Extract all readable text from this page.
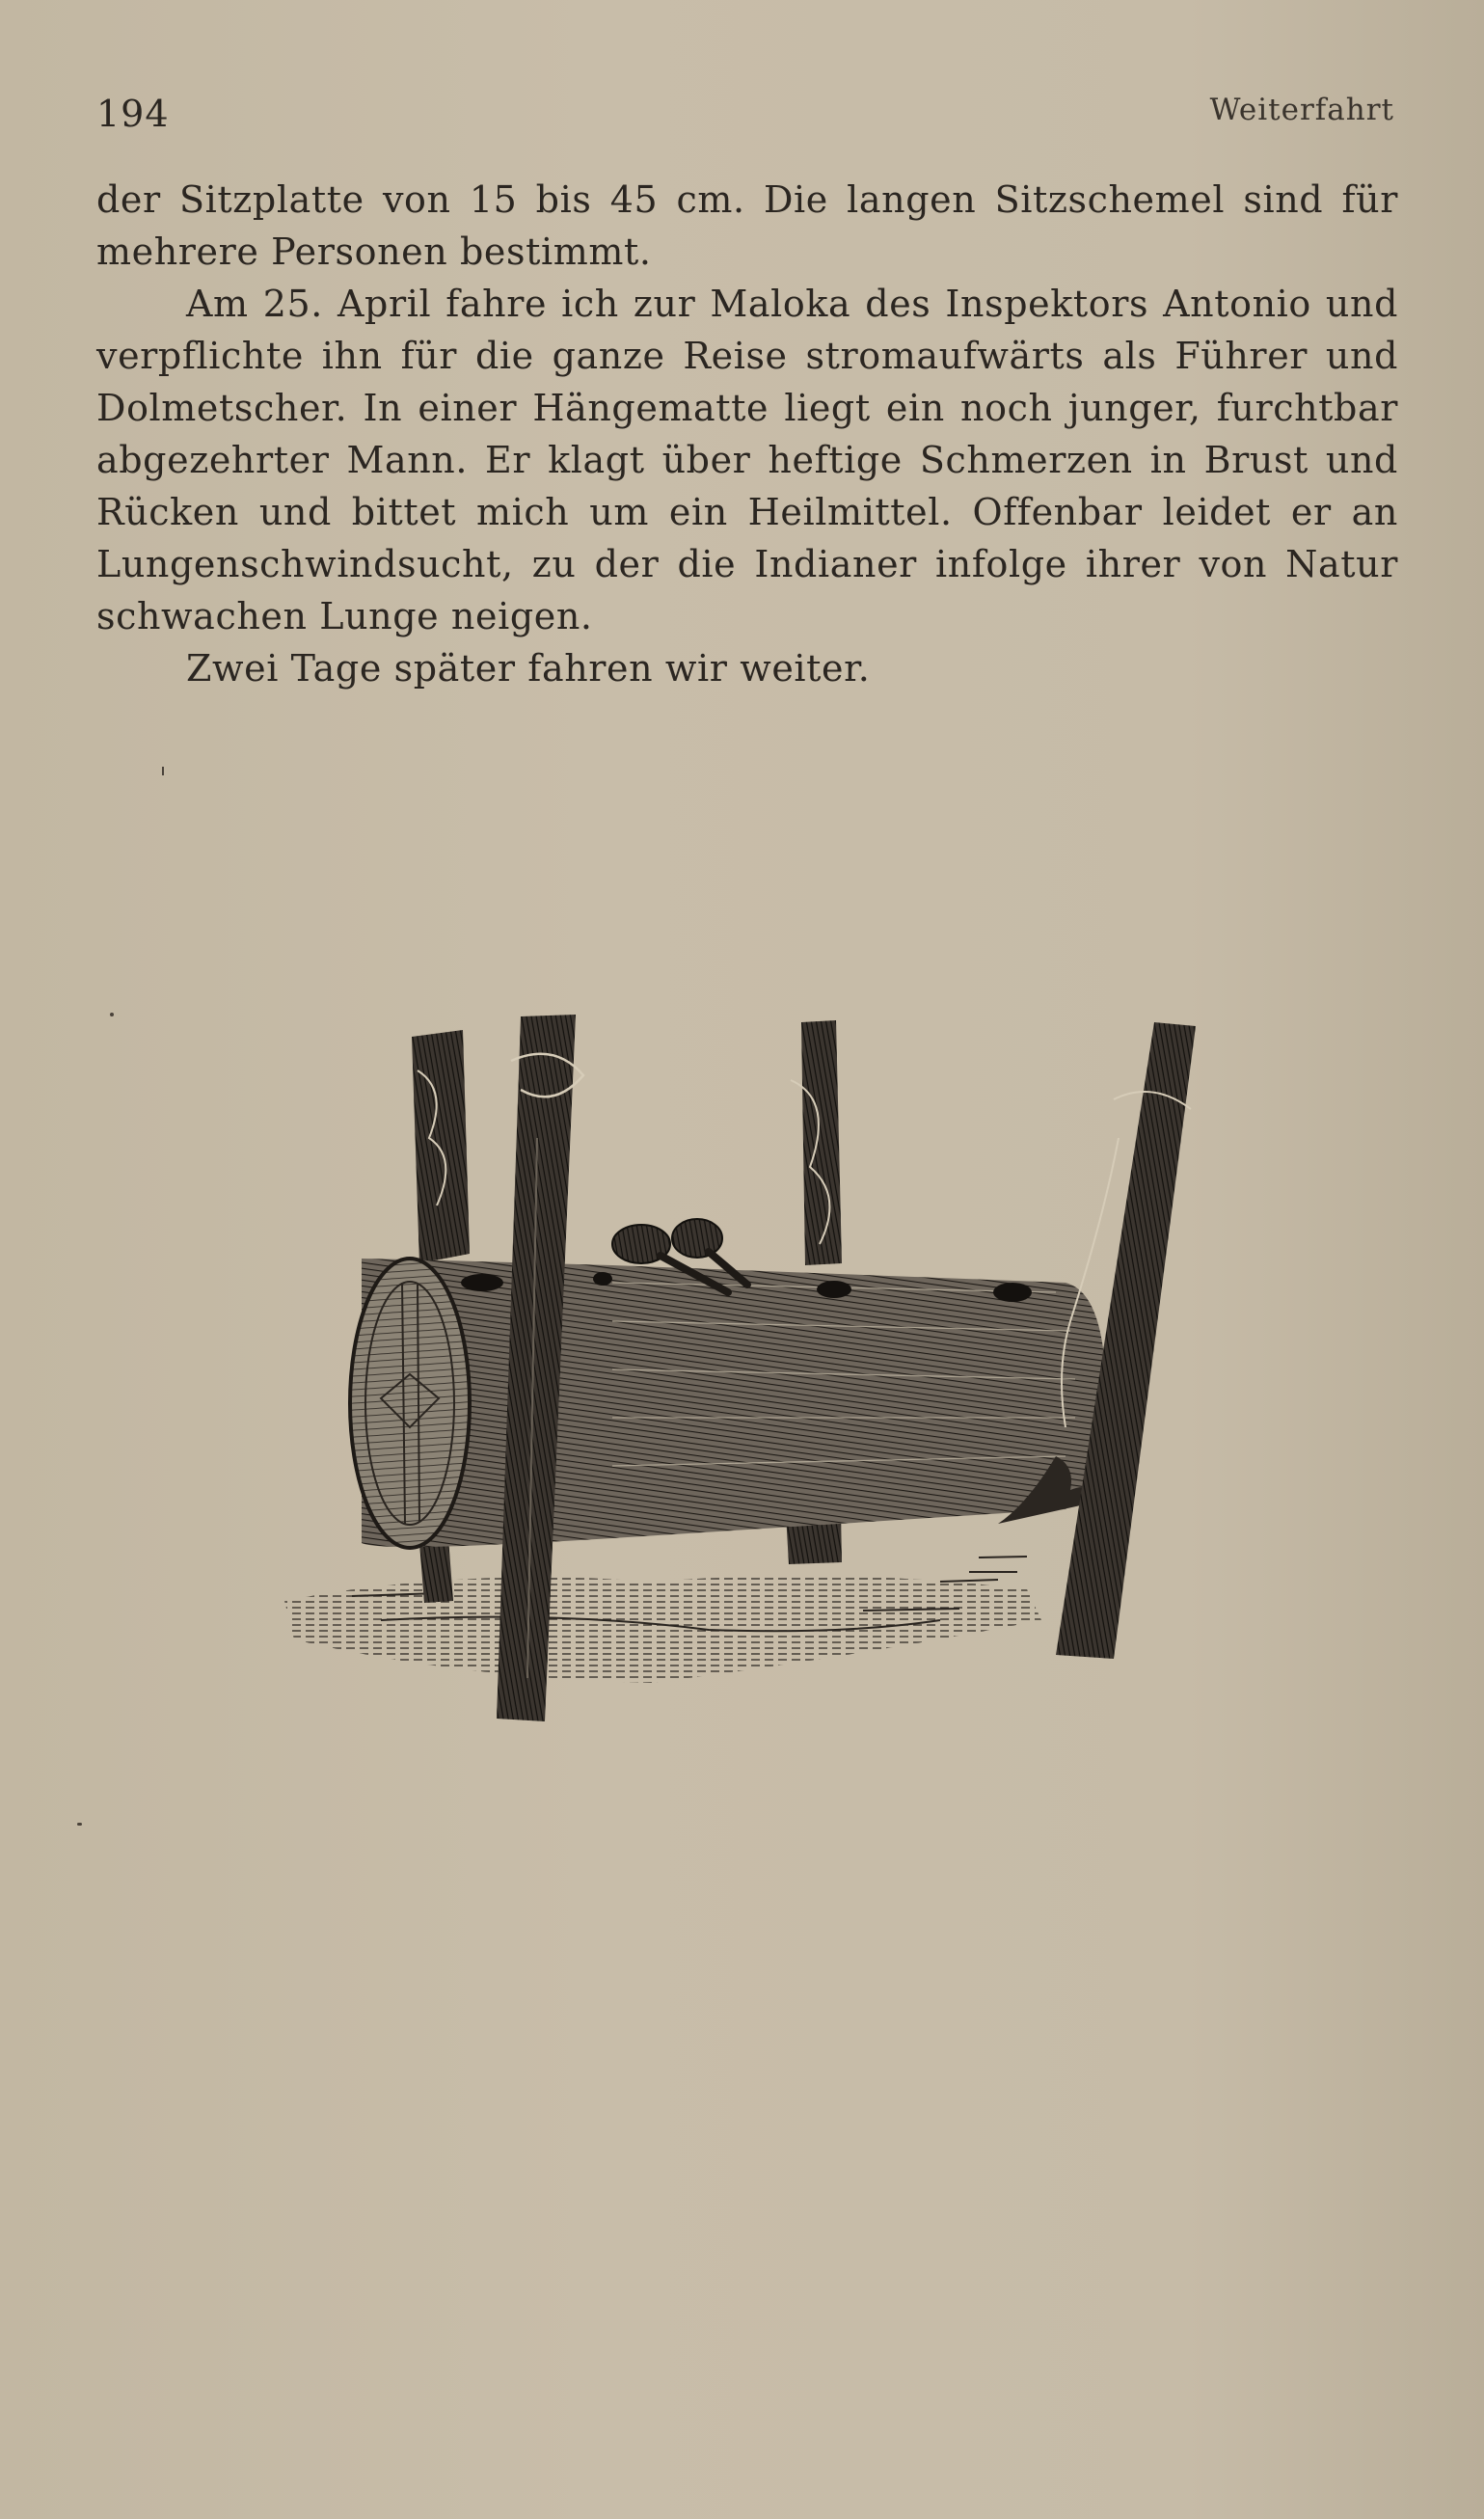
194	Weiterfahrt

der Sitzplatte von 15 bis 45 cm. Die langen Sitzschemel sind für mehrere Personen bestimmt.

Am 25. April fahre ich zur Maloka des Inspektors Antonio und verpflichte ihn für die ganze Reise stromaufwärts als Führer und Dolmetscher. In einer Hängematte liegt ein noch junger, furchtbar abgezehrter Mann. Er klagt über heftige Schmerzen in Brust und Rücken und bittet mich um ein Heilmittel. Offenbar leidet er an Lungenschwindsucht, zu der die Indianer infolge ihrer von Natur schwachen Lunge neigen.

Zwei Tage später fahren wir weiter.
